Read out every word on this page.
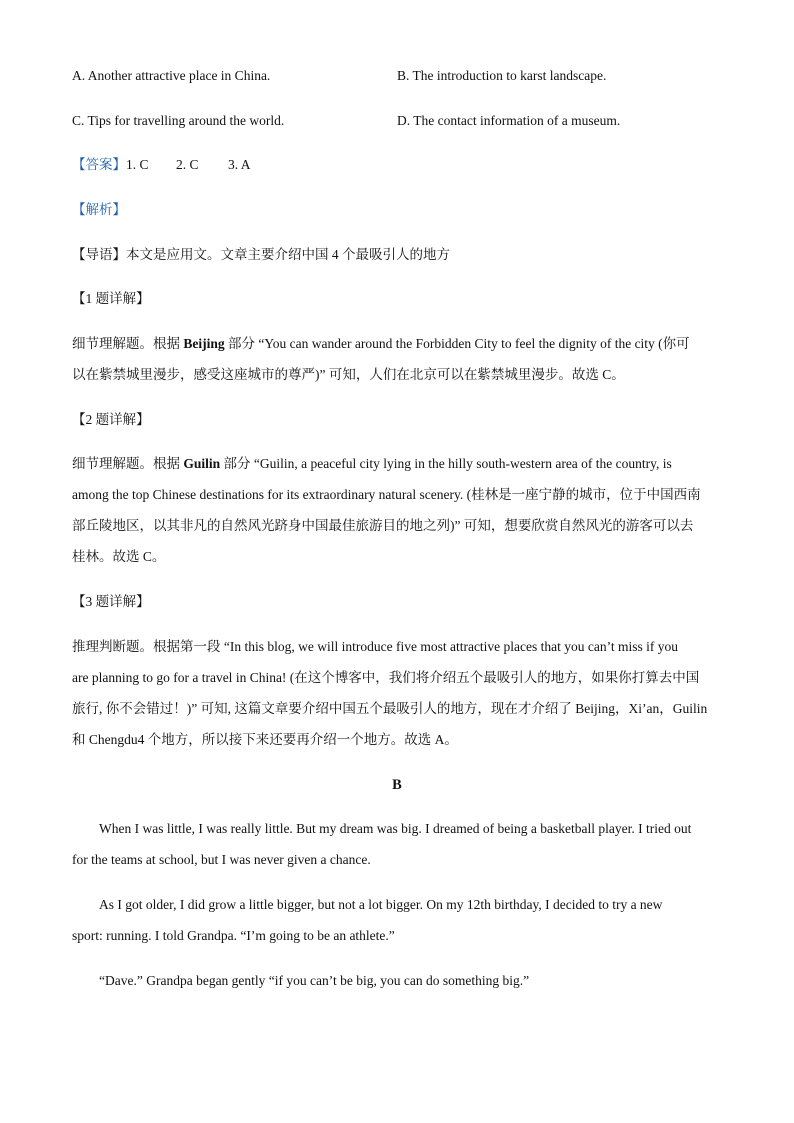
A. Another attractive place in China.	B. The introduction to karst landscape.
C. Tips for travelling around the world.	D. The contact information of a museum.
【答案】1. C 2. C 3. A
【解析】
【导语】本文是应用文。文章主要介绍中国 4 个最吸引人的地方
【1 题详解】
细节理解题。根据 Beijing 部分 “You can wander around the Forbidden City to feel the dignity of the city (你可
以在紫禁城里漫步，感受这座城市的尊严)” 可知，人们在北京可以在紫禁城里漫步。故选 C。
【2 题详解】
细节理解题。根据 Guilin 部分 “Guilin, a peaceful city lying in the hilly south-western area of the country, is
among the top Chinese destinations for its extraordinary natural scenery. (桂林是一座宁静的城市，位于中国西南
部丘陵地区，以其非凡的自然风光跻身中国最佳旅游目的地之列)” 可知，想要欣赏自然风光的游客可以去
桂林。故选 C。
【3 题详解】
推理判断题。根据第一段 “In this blog, we will introduce five most attractive places that you can’t miss if you
are planning to go for a travel in China! (在这个博客中，我们将介绍五个最吸引人的地方，如果你打算去中国
旅行, 你不会错过！)” 可知, 这篇文章要介绍中国五个最吸引人的地方，现在才介绍了 Beijing，Xi’an，Guilin
和 Chengdu4 个地方，所以接下来还要再介绍一个地方。故选 A。
B
When I was little, I was really little. But my dream was big. I dreamed of being a basketball player. I tried out
for the teams at school, but I was never given a chance.
As I got older, I did grow a little bigger, but not a lot bigger. On my 12th birthday, I decided to try a new
sport: running. I told Grandpa. “I’m going to be an athlete.”
“Dave.” Grandpa began gently “if you can’t be big, you can do something big.”
